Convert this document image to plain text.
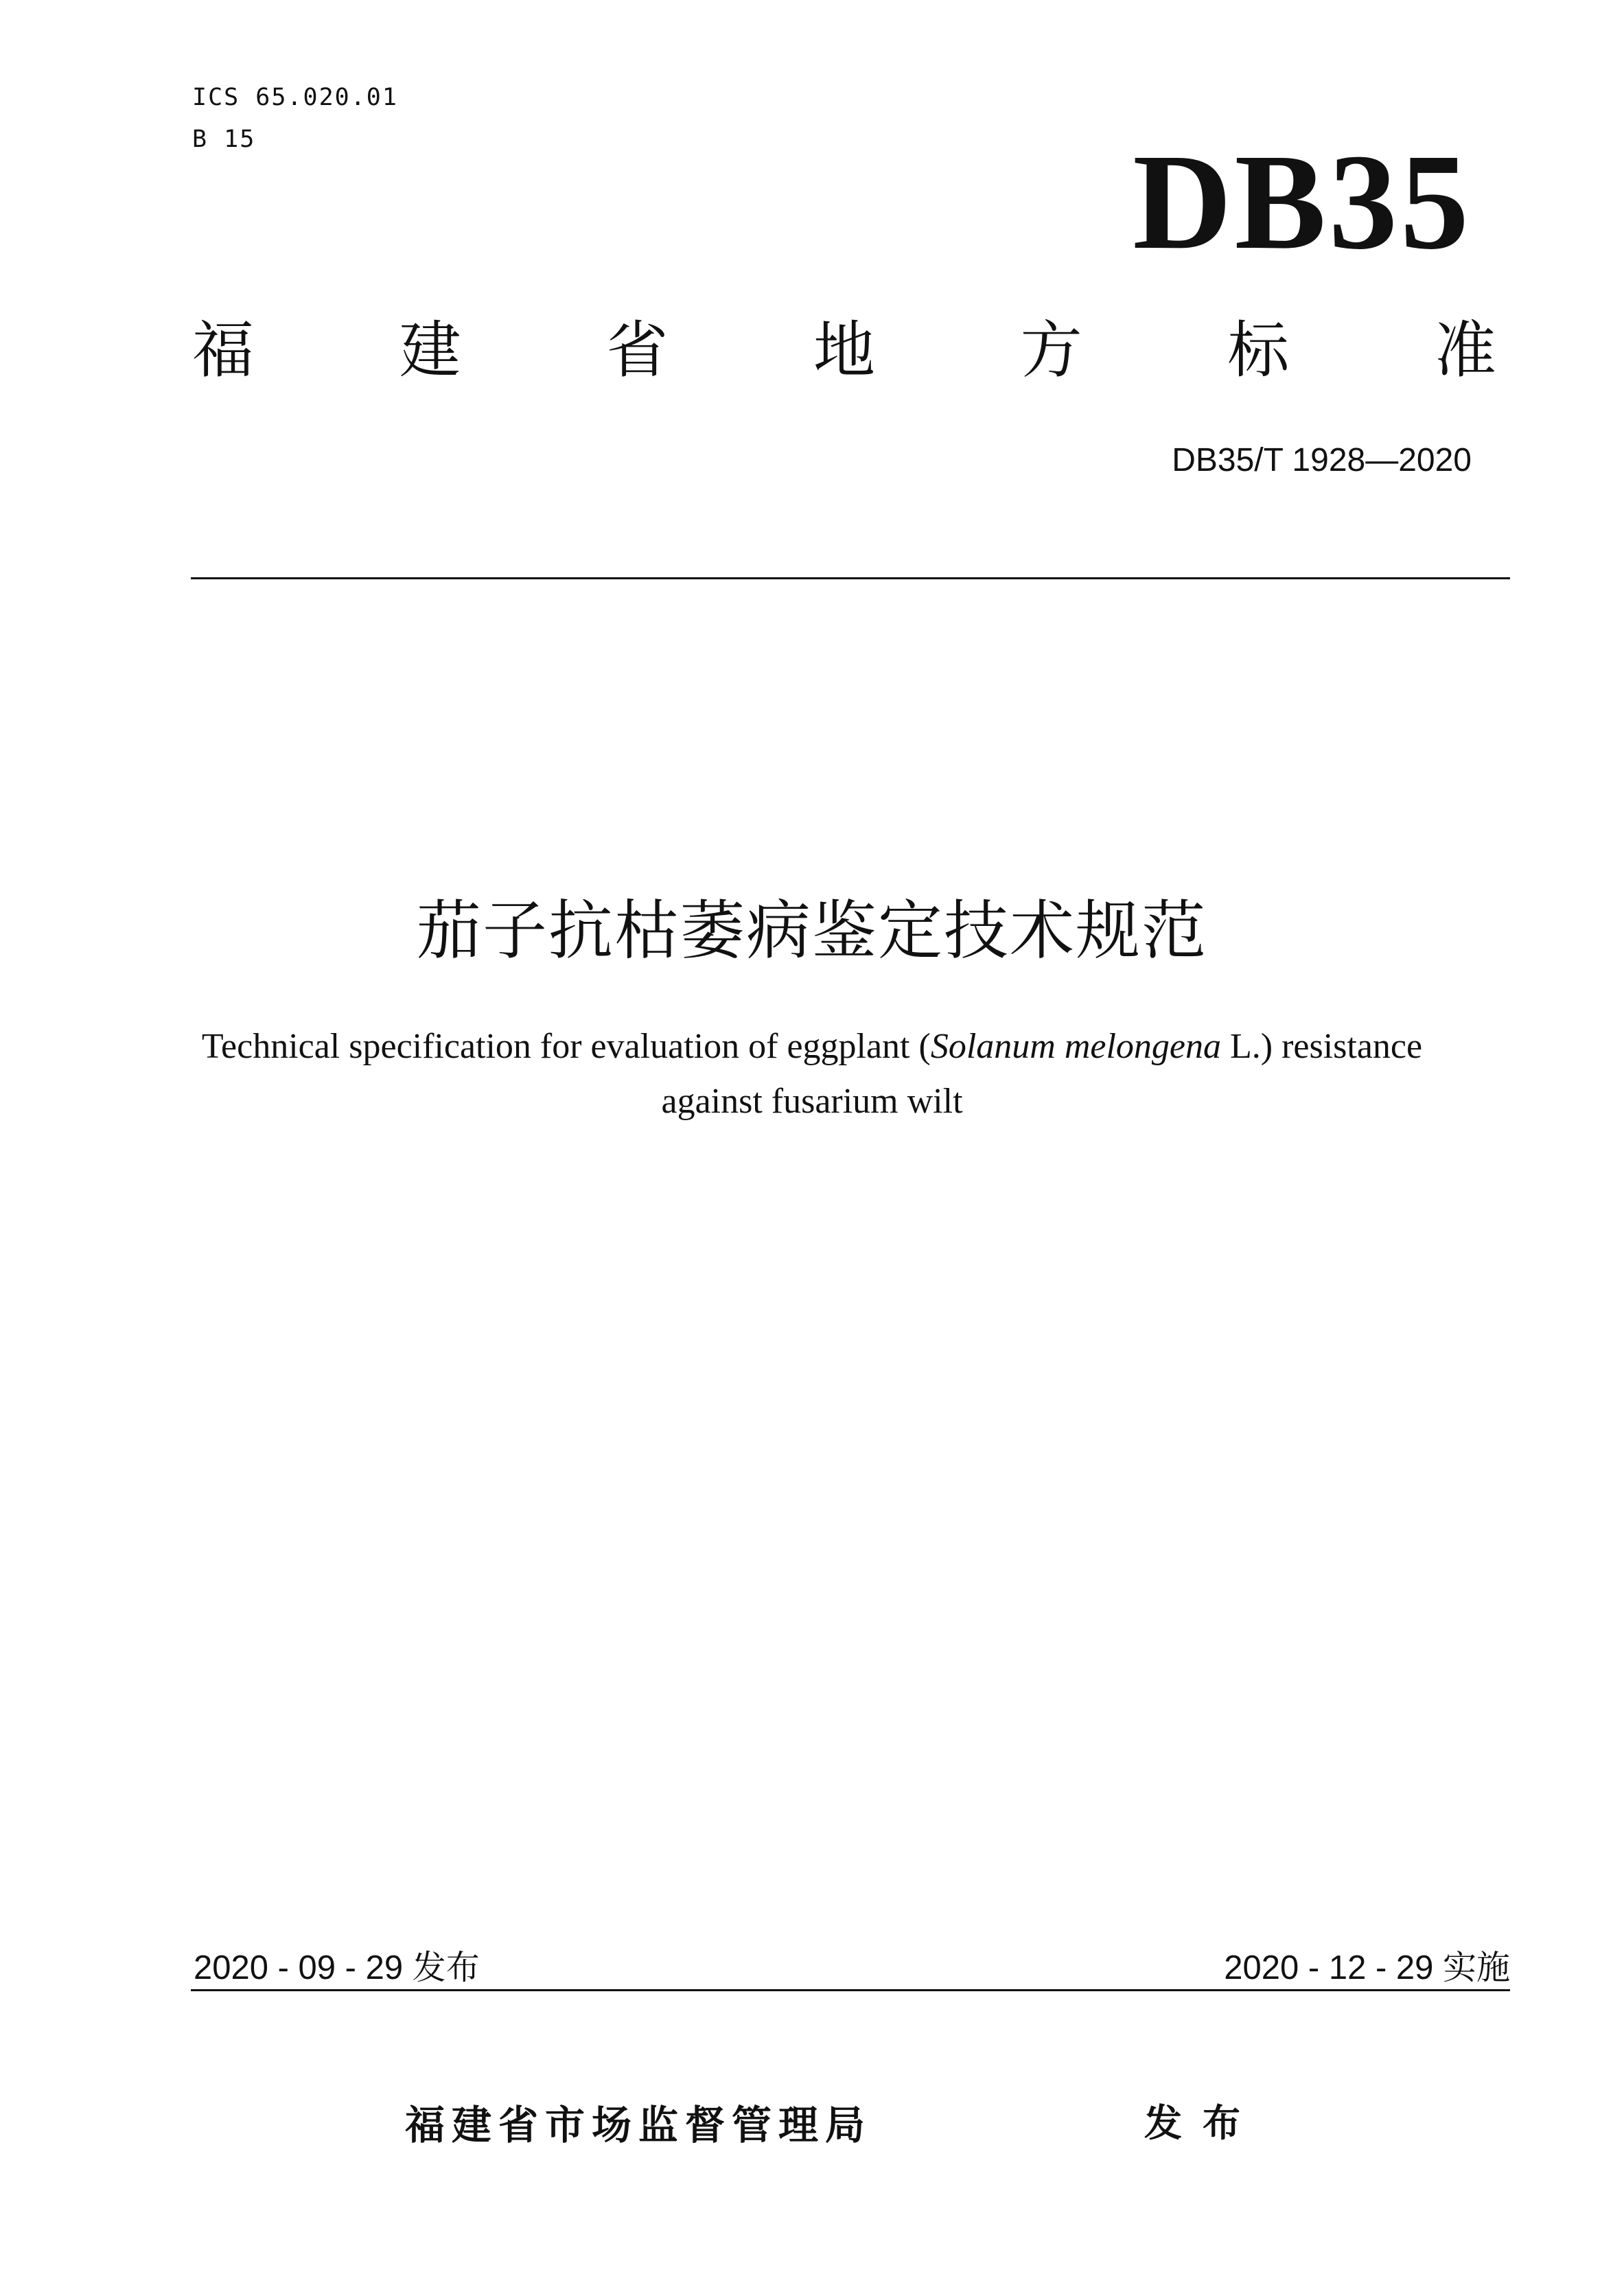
ICS 65.020.01
B 15	DB35
福 建 省 地 方 标 准
DB35/T 1928—2020
茄子抗枯萎病鉴定技术规范
Technical specification for evaluation of eggplant (Solanum melongena L.) resistance
against fusarium wilt
2020 - 09 - 29 发布	2020 - 12 - 29 实施
福建省市场监督管理局	发布
